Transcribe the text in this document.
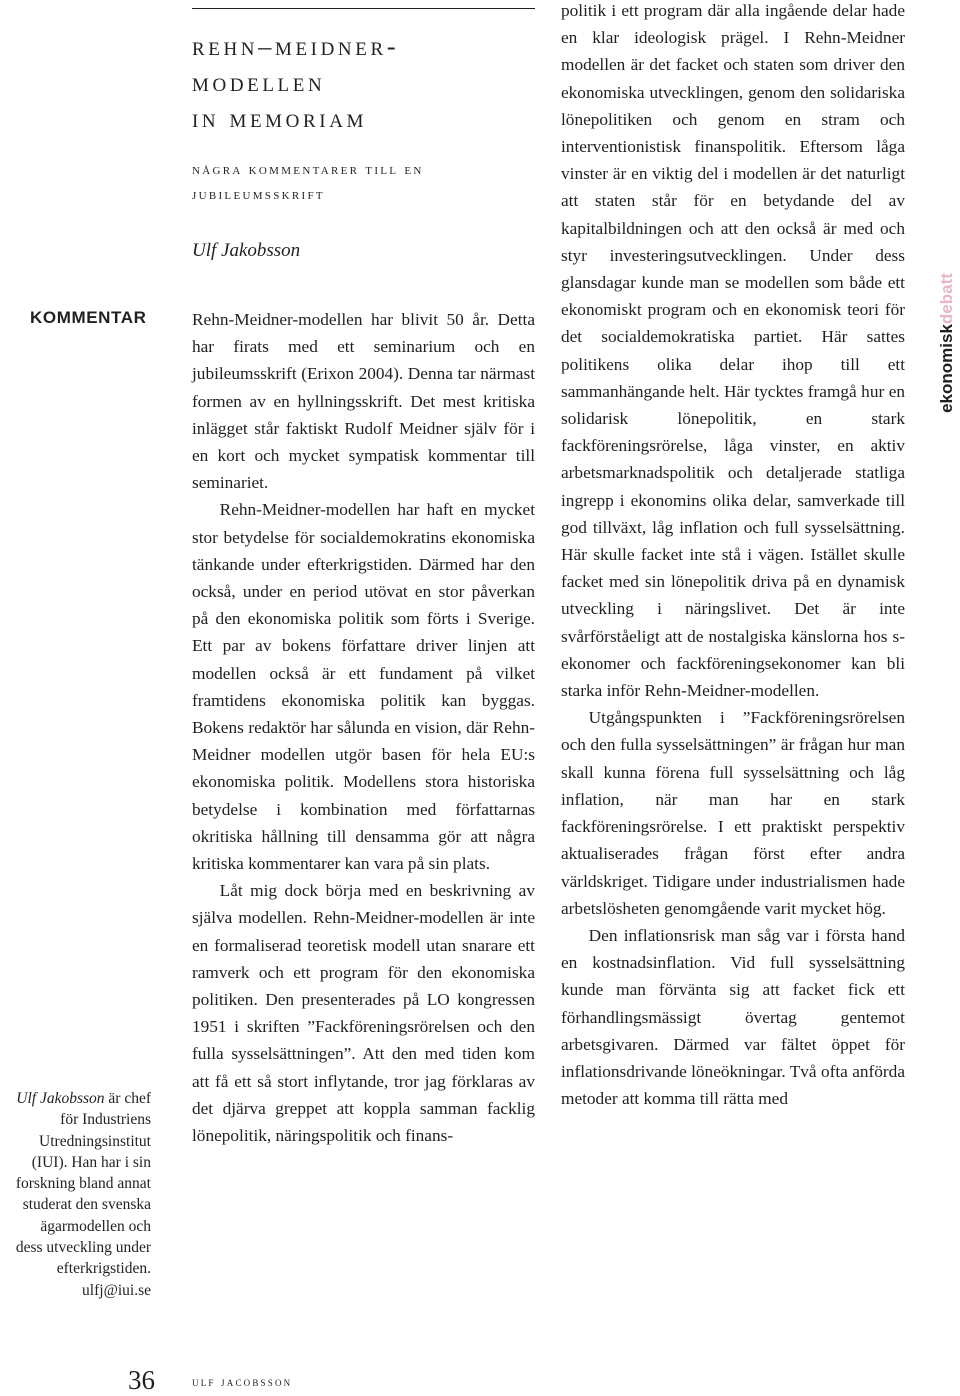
rehn–meidner-
modellen
in memoriam
några kommentarer till en
jubileumsskrift
Ulf Jakobsson
KOMMENTAR	Rehn-Meidner-modellen har blivit 50 år. Detta har firats med ett seminarium och en jubileumsskrift (Erixon 2004). Denna tar närmast formen av en hyllningsskrift. Det mest kritiska inlägget står faktiskt Rudolf Meidner själv för i en kort och mycket sympatisk kommentar till seminariet.

Rehn-Meidner-modellen har haft en mycket stor betydelse för socialdemokratins ekonomiska tänkande under efterkrigstiden. Därmed har den också, under en period utövat en stor påverkan på den ekonomiska politik som förts i Sverige. Ett par av bokens författare driver linjen att modellen också är ett fundament på vilket framtidens ekonomiska politik kan byggas. Bokens redaktör har sålunda en vision, där Rehn-Meidner modellen utgör basen för hela EU:s ekonomiska politik. Modellens stora historiska betydelse i kombination med författarnas okritiska hållning till densamma gör att några kritiska kommentarer kan vara på sin plats.

Låt mig dock börja med en beskrivning av själva modellen. Rehn-Meidner-modellen är inte en formaliserad teoretisk modell utan snarare ett ramverk och ett program för den ekonomiska politiken. Den presenterades på LO kongressen 1951 i skriften ”Fackföreningsrörelsen och den fulla sysselsättningen”. Att den med tiden kom att få ett så stort inflytande, tror jag förklaras av det djärva greppet att koppla samman facklig lönepolitik, näringspolitik och finans-

politik i ett program där alla ingående delar hade en klar ideologisk prägel. I Rehn-Meidner modellen är det facket och staten som driver den ekonomiska utvecklingen, genom den solidariska lönepolitiken och genom en stram och interventionistisk finanspolitik. Eftersom låga vinster är en viktig del i modellen är det naturligt att staten står för en betydande del av kapitalbildningen och att den också är med och styr investeringsutvecklingen. Under dess glansdagar kunde man se modellen som både ett ekonomiskt program och en ekonomisk teori för det socialdemokratiska partiet. Här sattes politikens olika delar ihop till ett sammanhängande helt. Här tycktes framgå hur en solidarisk lönepolitik, en stark fackföreningsrörelse, låga vinster, en aktiv arbetsmarknadspolitik och detaljerade statliga ingrepp i ekonomins olika delar, samverkade till god tillväxt, låg inflation och full sysselsättning. Här skulle facket inte stå i vägen. Istället skulle facket med sin lönepolitik driva på en dynamisk utveckling i näringslivet. Det är inte svårförståeligt att de nostalgiska känslorna hos s-ekonomer och fackföreningsekonomer kan bli starka inför Rehn-Meidner-modellen.

Utgångspunkten i ”Fackföreningsrörelsen och den fulla sysselsättningen” är frågan hur man skall kunna förena full sysselsättning och låg inflation, när man har en stark fackföreningsrörelse. I ett praktiskt perspektiv aktualiserades frågan först efter andra världskriget. Tidigare under industrialismen hade arbetslösheten genomgående varit mycket hög.

Den inflationsrisk man såg var i första hand en kostnadsinflation. Vid full sysselsättning kunde man förvänta sig att facket fick ett förhandlingsmässigt övertag gentemot arbetsgivaren. Därmed var fältet öppet för inflationsdrivande löneökningar. Två ofta anförda metoder att komma till rätta med

Ulf Jakobsson är chef för Industriens Utredningsinstitut (IUI). Han har i sin forskning bland annat studerat den svenska ägarmodellen och dess utveckling under efterkrigstiden.
ulfj@iui.se
ekonomiskdebatt
36	ulf jacobsson
